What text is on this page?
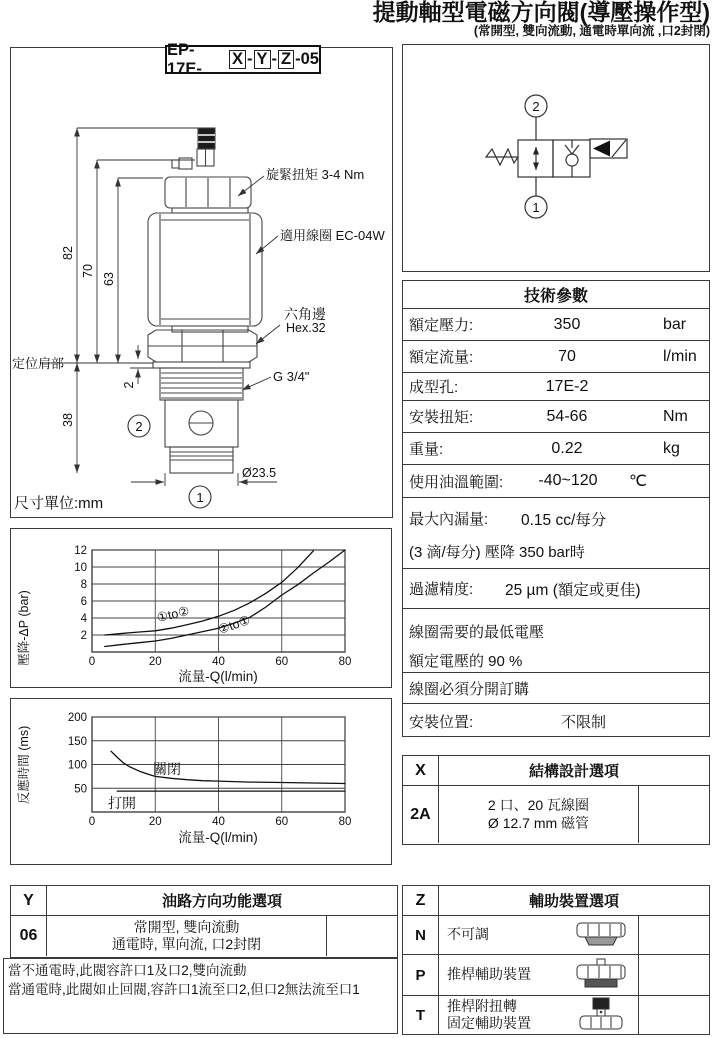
提動軸型電磁方向閥(導壓操作型)
(常開型, 雙向流動, 通電時單向流 ,口2封閉)
EP-17E-
X - Y - Z -05
2
1
82
70
63
2
38
Ø23.5
定位肩部
旋緊扭矩 3-4 Nm
適用線圈 EC-04W
六角邊
Hex.32
G 3/4"
尺寸單位:mm
2
1
技術參數
額定壓力:	350	bar
額定流量:	70	l/min
成型孔:	17E-2
安裝扭矩:	54-66	Nm
重量:	0.22	kg
使用油溫範圍:	-40~120	℃
最大內漏量:	0.15 cc/每分
(3 滴/每分) 壓降 350 bar時
過濾精度:	25 µm (額定或更佳)
線圈需要的最低電壓
額定電壓的 90 %
線圈必須分開訂購
安裝位置:	不限制
12
10
8
6
4
2
80
60
40
20
0
壓降-ΔP (bar)
流量-Q(l/min)
①to② ②to①
200
150
100
50
80
60
40
20
0
反應時間 (ms)
流量-Q(l/min)
關閉
打開
X	結構設計選項
2A
2 口、20 瓦線圈
Ø 12.7 mm 磁管
Y	油路方向功能選項
06
常開型, 雙向流動
通電時, 單向流, 口2封閉
當不通電時,此閥容許口1及口2,雙向流動
當通電時,此閥如止回閥,容許口1流至口2,但口2無法流至口1
Z	輔助裝置選項
N	不可調
P	推桿輔助裝置
T
推桿附扭轉
固定輔助裝置
